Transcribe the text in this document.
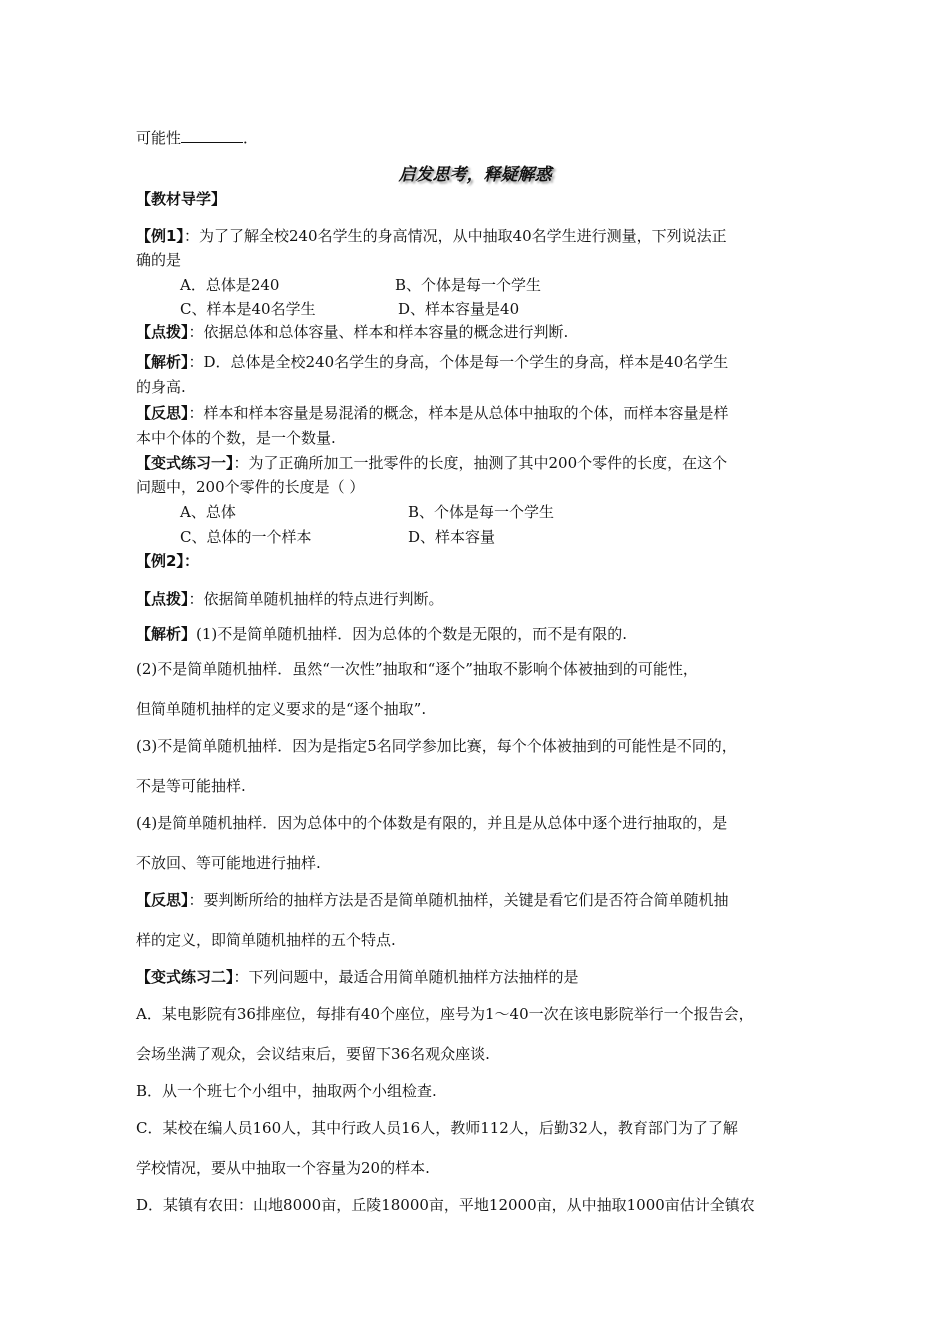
可能性	．
启发思考，释疑解惑
【教材导学】
【例1】：为了了解全校240名学生的身高情况，从中抽取40名学生进行测量，下列说法正
确的是
A．总体是240	B、个体是每一个学生
C、样本是40名学生	D、样本容量是40
【点拨】：依据总体和总体容量、样本和样本容量的概念进行判断.
【解析】：D．总体是全校240名学生的身高，个体是每一个学生的身高，样本是40名学生
的身高.
【反思】：样本和样本容量是易混淆的概念，样本是从总体中抽取的个体，而样本容量是样
本中个体的个数，是一个数量.
【变式练习一】：为了正确所加工一批零件的长度，抽测了其中200个零件的长度，在这个
问题中，200个零件的长度是（ ）
A、总体	B、个体是每一个学生
C、总体的一个样本	D、样本容量
【例2】：
【点拨】：依据简单随机抽样的特点进行判断。
【解析】(1)不是简单随机抽样．因为总体的个数是无限的，而不是有限的.
(2)不是简单随机抽样．虽然“一次性”抽取和“逐个”抽取不影响个体被抽到的可能性，
但简单随机抽样的定义要求的是“逐个抽取”.
(3)不是简单随机抽样．因为是指定5名同学参加比赛，每个个体被抽到的可能性是不同的，
不是等可能抽样.
(4)是简单随机抽样．因为总体中的个体数是有限的，并且是从总体中逐个进行抽取的，是
不放回、等可能地进行抽样.
【反思】：要判断所给的抽样方法是否是简单随机抽样，关键是看它们是否符合简单随机抽
样的定义，即简单随机抽样的五个特点.
【变式练习二】：下列问题中，最适合用简单随机抽样方法抽样的是
A．某电影院有36排座位，每排有40个座位，座号为1～40一次在该电影院举行一个报告会，
会场坐满了观众，会议结束后，要留下36名观众座谈.
B．从一个班七个小组中，抽取两个小组检查.
C．某校在编人员160人，其中行政人员16人，教师112人，后勤32人，教育部门为了了解
学校情况，要从中抽取一个容量为20的样本.
D．某镇有农田：山地8000亩，丘陵18000亩，平地12000亩，从中抽取1000亩估计全镇农
